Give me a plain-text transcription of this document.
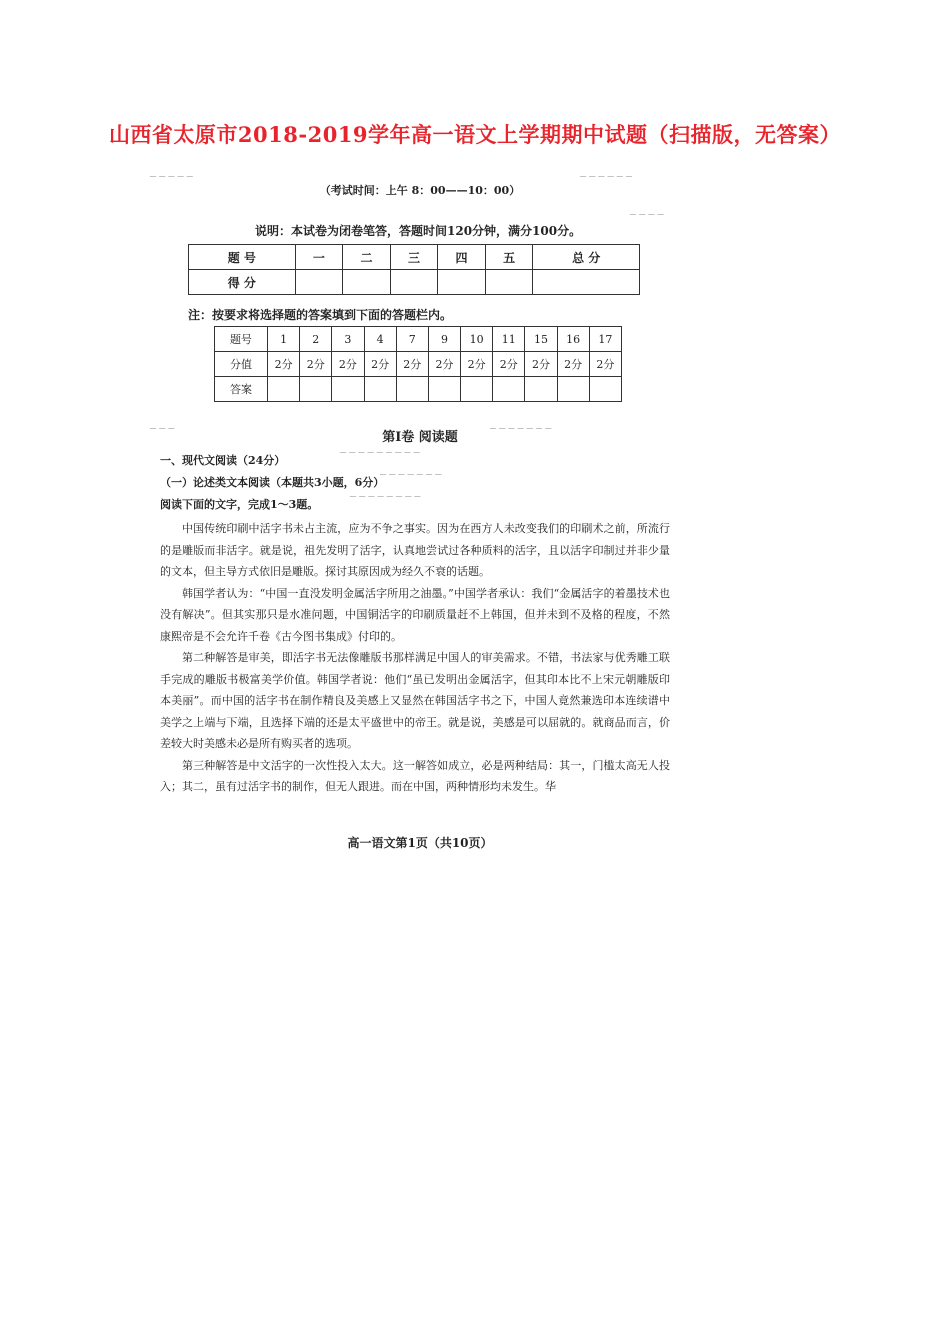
山西省太原市2018-2019学年高一语文上学期期中试题（扫描版，无答案）
─ ─ ─ ─ ─	─ ─ ─ ─ ─ ─
─ ─ ─ ─
─ ─ ─	─ ─ ─ ─ ─ ─ ─
─ ─ ─ ─ ─ ─ ─ ─ ─
─ ─ ─ ─ ─ ─ ─
─ ─ ─ ─ ─ ─ ─ ─
（考试时间：上午 8：00——10：00）
说明：本试卷为闭卷笔答，答题时间120分钟，满分100分。
题 号	一	二	三	四	五	总 分
得 分						
注：按要求将选择题的答案填到下面的答题栏内。
题号	1	2	3	4	7	9	10	11	15	16	17
分值	2分	2分	2分	2分	2分	2分	2分	2分	2分	2分	2分
答案											
第Ⅰ卷 阅读题
一、现代文阅读（24分）
（一）论述类文本阅读（本题共3小题，6分）
阅读下面的文字，完成1～3题。

中国传统印刷中活字书未占主流，应为不争之事实。因为在西方人未改变我们的印刷术之前，所流行的是雕版而非活字。就是说，祖先发明了活字，认真地尝试过各种质料的活字，且以活字印制过并非少量的文本，但主导方式依旧是雕版。探讨其原因成为经久不衰的话题。

韩国学者认为：“中国一直没发明金属活字所用之油墨。”中国学者承认：我们“金属活字的着墨技术也没有解决”。但其实那只是水准问题，中国铜活字的印刷质量赶不上韩国，但并未到不及格的程度，不然康熙帝是不会允许千卷《古今图书集成》付印的。

第二种解答是审美，即活字书无法像雕版书那样满足中国人的审美需求。不错，书法家与优秀雕工联手完成的雕版书极富美学价值。韩国学者说：他们“虽已发明出金属活字，但其印本比不上宋元朝雕版印本美丽”。而中国的活字书在制作精良及美感上又显然在韩国活字书之下，中国人竟然兼选印本连续谱中美学之上端与下端，且选择下端的还是太平盛世中的帝王。就是说，美感是可以屈就的。就商品而言，价差较大时美感未必是所有购买者的选项。

第三种解答是中文活字的一次性投入太大。这一解答如成立，必是两种结局：其一，门槛太高无人投入；其二，虽有过活字书的制作，但无人跟进。而在中国，两种情形均未发生。华

高一语文第1页（共10页）
